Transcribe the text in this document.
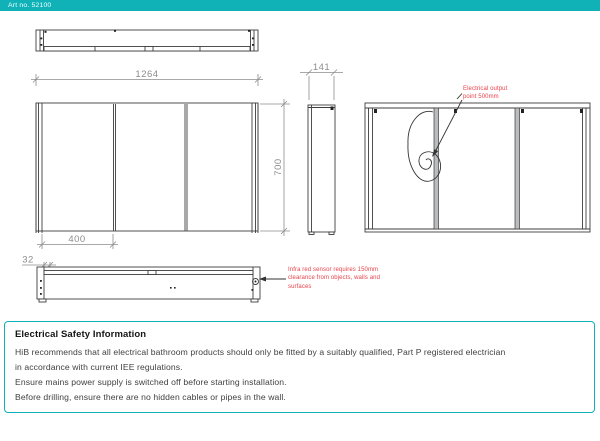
Art no. 52100
1264
700
400
32
141
Electrical output point 500mm
Infra red sensor requires 150mm clearance from objects, walls and surfaces
Electrical Safety Information
HiB recommends that all electrical bathroom products should only be fitted by a suitably qualified, Part P registered electrician
in accordance with current IEE regulations.
Ensure mains power supply is switched off before starting installation.
Before drilling, ensure there are no hidden cables or pipes in the wall.
